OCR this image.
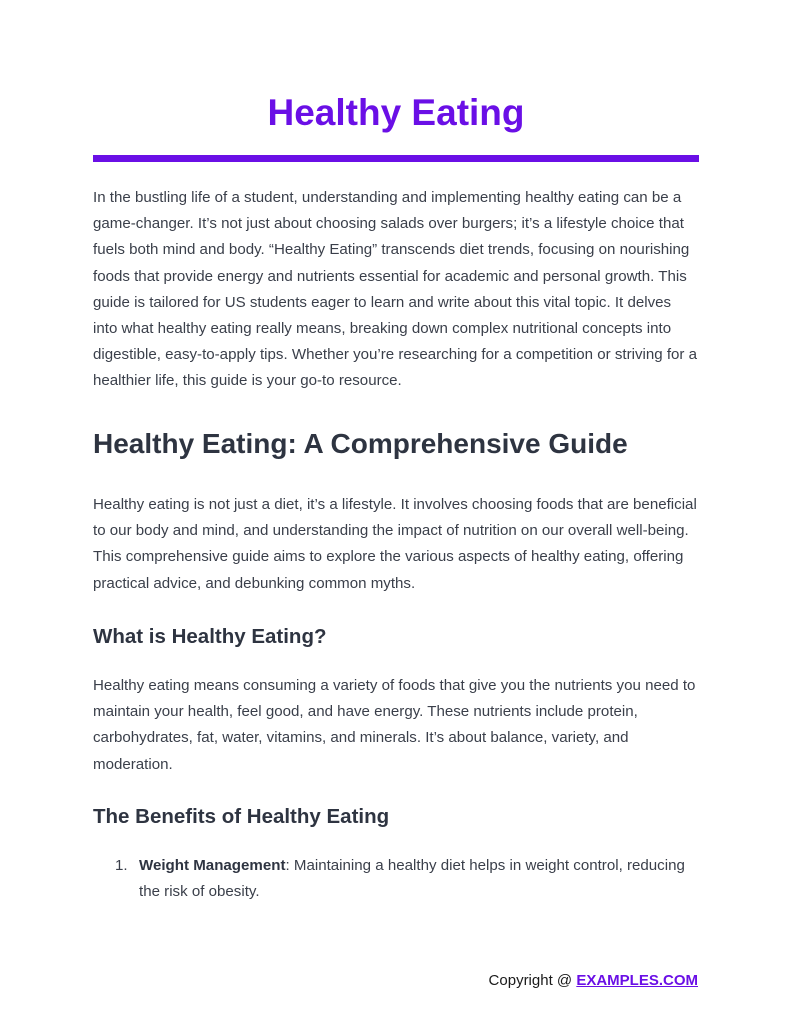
Healthy Eating

In the bustling life of a student, understanding and implementing healthy eating can be a game-changer. It’s not just about choosing salads over burgers; it’s a lifestyle choice that fuels both mind and body. “Healthy Eating” transcends diet trends, focusing on nourishing foods that provide energy and nutrients essential for academic and personal growth. This guide is tailored for US students eager to learn and write about this vital topic. It delves into what healthy eating really means, breaking down complex nutritional concepts into digestible, easy-to-apply tips. Whether you’re researching for a competition or striving for a healthier life, this guide is your go-to resource.

Healthy Eating: A Comprehensive Guide

Healthy eating is not just a diet, it’s a lifestyle. It involves choosing foods that are beneficial to our body and mind, and understanding the impact of nutrition on our overall well-being. This comprehensive guide aims to explore the various aspects of healthy eating, offering practical advice, and debunking common myths.

What is Healthy Eating?

Healthy eating means consuming a variety of foods that give you the nutrients you need to maintain your health, feel good, and have energy. These nutrients include protein, carbohydrates, fat, water, vitamins, and minerals. It’s about balance, variety, and moderation.

The Benefits of Healthy Eating
1. Weight Management: Maintaining a healthy diet helps in weight control, reducing the risk of obesity.
Copyright @ EXAMPLES.COM
